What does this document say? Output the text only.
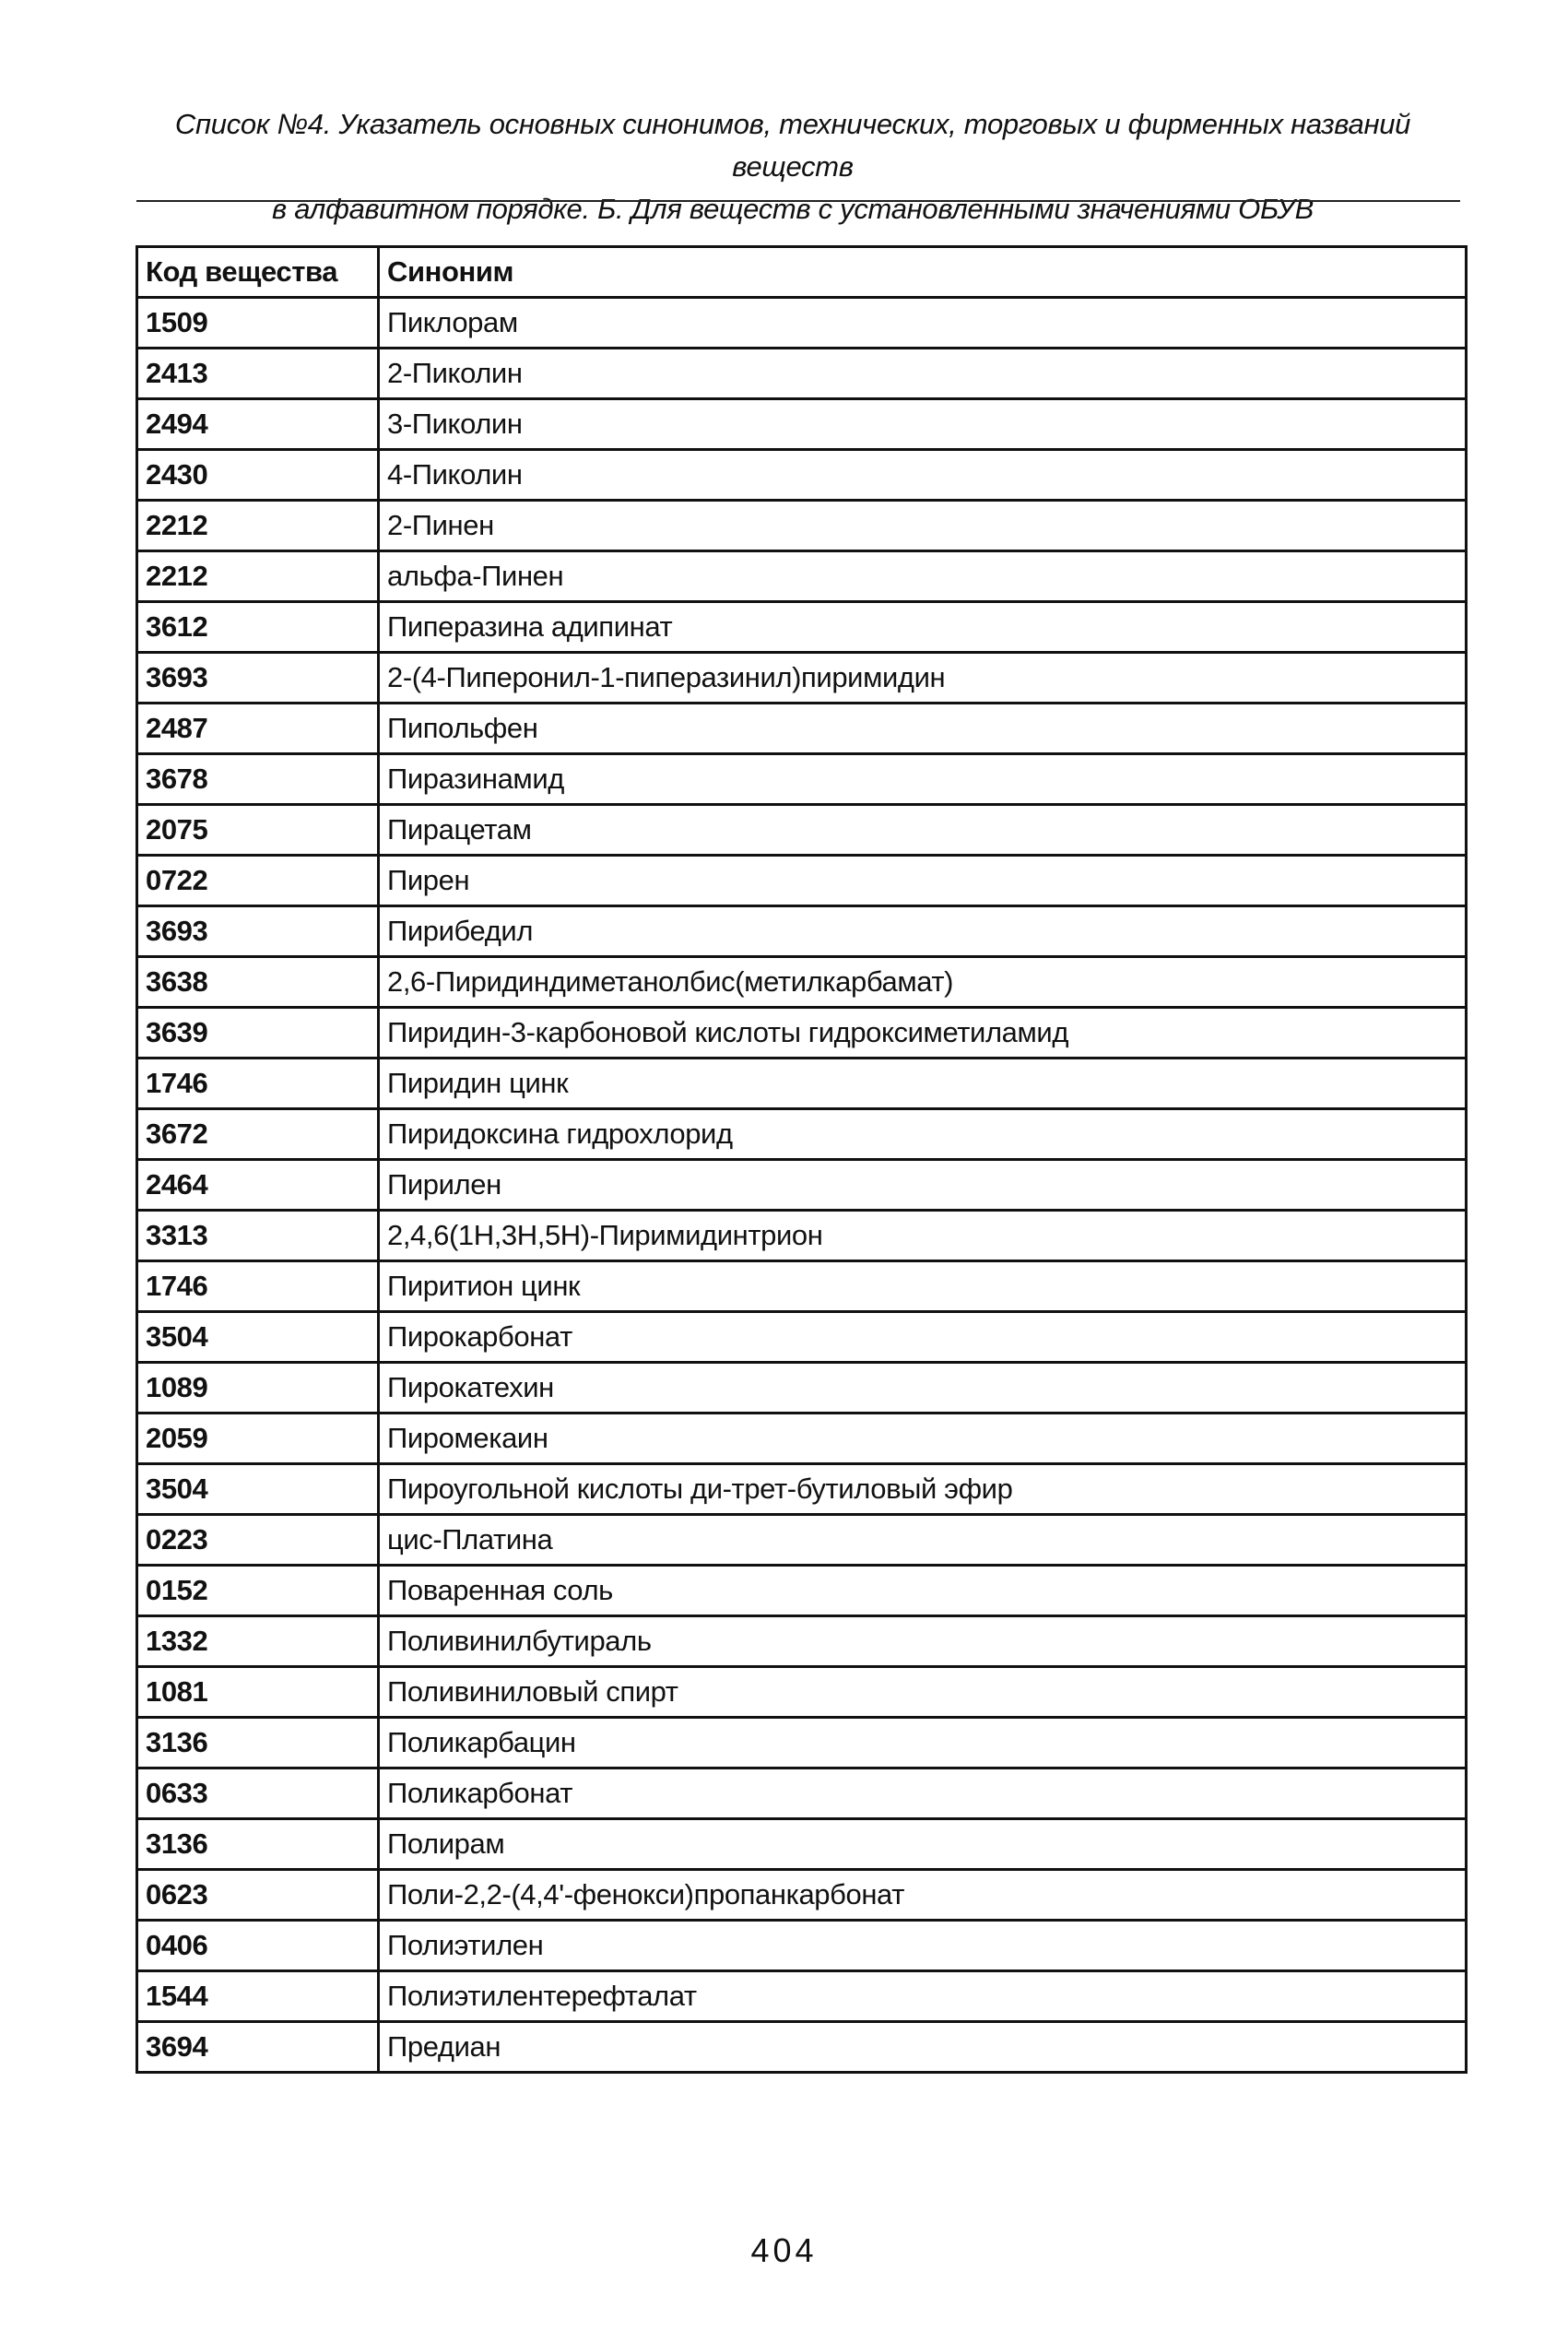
Список №4. Указатель основных синонимов, технических, торговых и фирменных названий веществ
в алфавитном порядке. Б. Для веществ с установленными значениями ОБУВ
Код вещества	Синоним
1509	Пиклорам
2413	2-Пиколин
2494	3-Пиколин
2430	4-Пиколин
2212	2-Пинен
2212	альфа-Пинен
3612	Пиперазина адипинат
3693	2-(4-Пиперонил-1-пиперазинил)пиримидин
2487	Пипольфен
3678	Пиразинамид
2075	Пирацетам
0722	Пирен
3693	Пирибедил
3638	2,6-Пиридиндиметанолбис(метилкарбамат)
3639	Пиридин-3-карбоновой кислоты гидроксиметиламид
1746	Пиридин цинк
3672	Пиридоксина гидрохлорид
2464	Пирилен
3313	2,4,6(1Н,3Н,5Н)-Пиримидинтрион
1746	Пиритион цинк
3504	Пирокарбонат
1089	Пирокатехин
2059	Пиромекаин
3504	Пироугольной кислоты ди-трет-бутиловый эфир
0223	цис-Платина
0152	Поваренная соль
1332	Поливинилбутираль
1081	Поливиниловый спирт
3136	Поликарбацин
0633	Поликарбонат
3136	Полирам
0623	Поли-2,2-(4,4'-фенокси)пропанкарбонат
0406	Полиэтилен
1544	Полиэтилентерефталат
3694	Предиан
404
